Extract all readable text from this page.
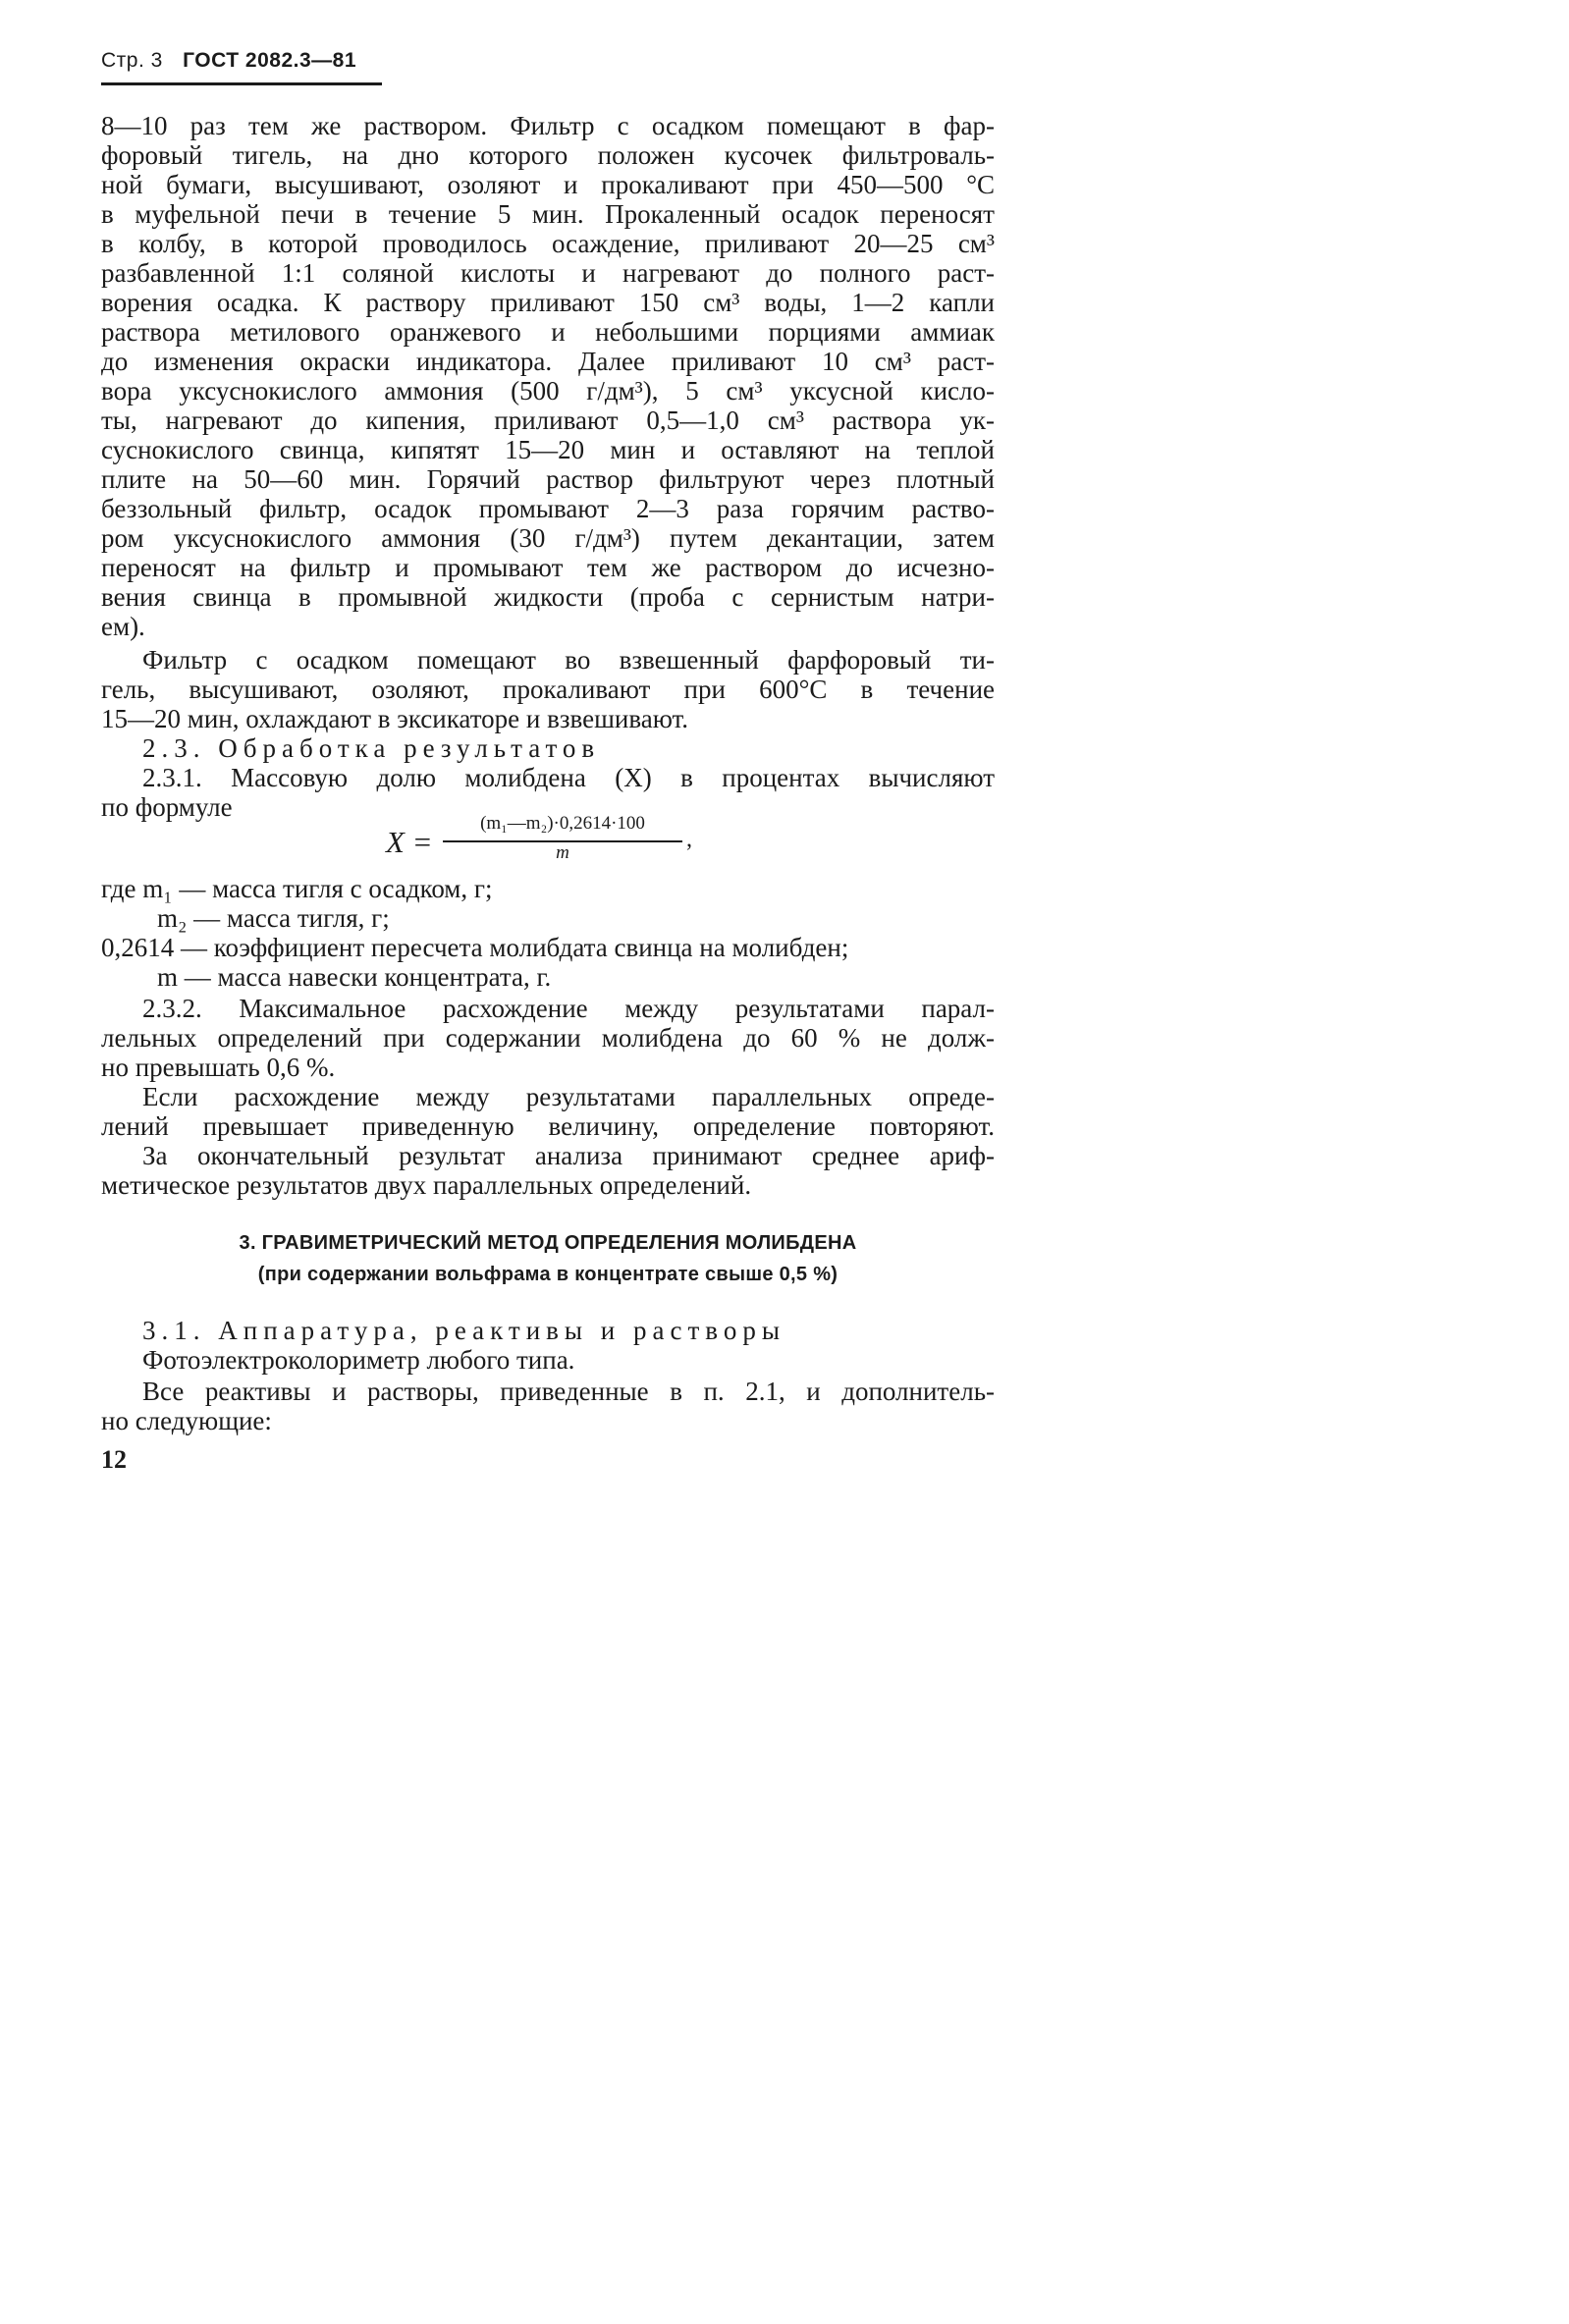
Стр. 3 ГОСТ 2082.3—81
8—10 раз тем же раствором. Фильтр с осадком помещают в фар-
форовый тигель, на дно которого положен кусочек фильтроваль-
ной бумаги, высушивают, озоляют и прокаливают при 450—500 °С
в муфельной печи в течение 5 мин. Прокаленный осадок переносят
в колбу, в которой проводилось осаждение, приливают 20—25 см³
разбавленной 1:1 соляной кислоты и нагревают до полного раст-
ворения осадка. К раствору приливают 150 см³ воды, 1—2 капли
раствора метилового оранжевого и небольшими порциями аммиак
до изменения окраски индикатора. Далее приливают 10 см³ раст-
вора уксуснокислого аммония (500 г/дм³), 5 см³ уксусной кисло-
ты, нагревают до кипения, приливают 0,5—1,0 см³ раствора ук-
суснокислого свинца, кипятят 15—20 мин и оставляют на теплой
плите на 50—60 мин. Горячий раствор фильтруют через плотный
беззольный фильтр, осадок промывают 2—3 раза горячим раство-
ром уксуснокислого аммония (30 г/дм³) путем декантации, затем
переносят на фильтр и промывают тем же раствором до исчезно-
вения свинца в промывной жидкости (проба с сернистым натри-
ем).
Фильтр с осадком помещают во взвешенный фарфоровый ти-
гель, высушивают, озоляют, прокаливают при 600°С в течение
15—20 мин, охлаждают в эксикаторе и взвешивают.
2.3. Обработка результатов
2.3.1. Массовую долю молибдена (X) в процентах вычисляют
по формуле
X =
(m₁—m₂)·0,2614·100
m
,
где m₁ — масса тигля с осадком, г;
m₂ — масса тигля, г;
0,2614 — коэффициент пересчета молибдата свинца на молибден;
m — масса навески концентрата, г.
2.3.2. Максимальное расхождение между результатами парал-
лельных определений при содержании молибдена до 60 % не долж-
но превышать 0,6 %.
Если расхождение между результатами параллельных опреде-
лений превышает приведенную величину, определение повторяют.
За окончательный результат анализа принимают среднее ариф-
метическое результатов двух параллельных определений.
3. ГРАВИМЕТРИЧЕСКИЙ МЕТОД ОПРЕДЕЛЕНИЯ МОЛИБДЕНА
(при содержании вольфрама в концентрате свыше 0,5 %)
3.1. Аппаратура, реактивы и растворы
Фотоэлектроколориметр любого типа.
Все реактивы и растворы, приведенные в п. 2.1, и дополнитель-
но следующие:
12
